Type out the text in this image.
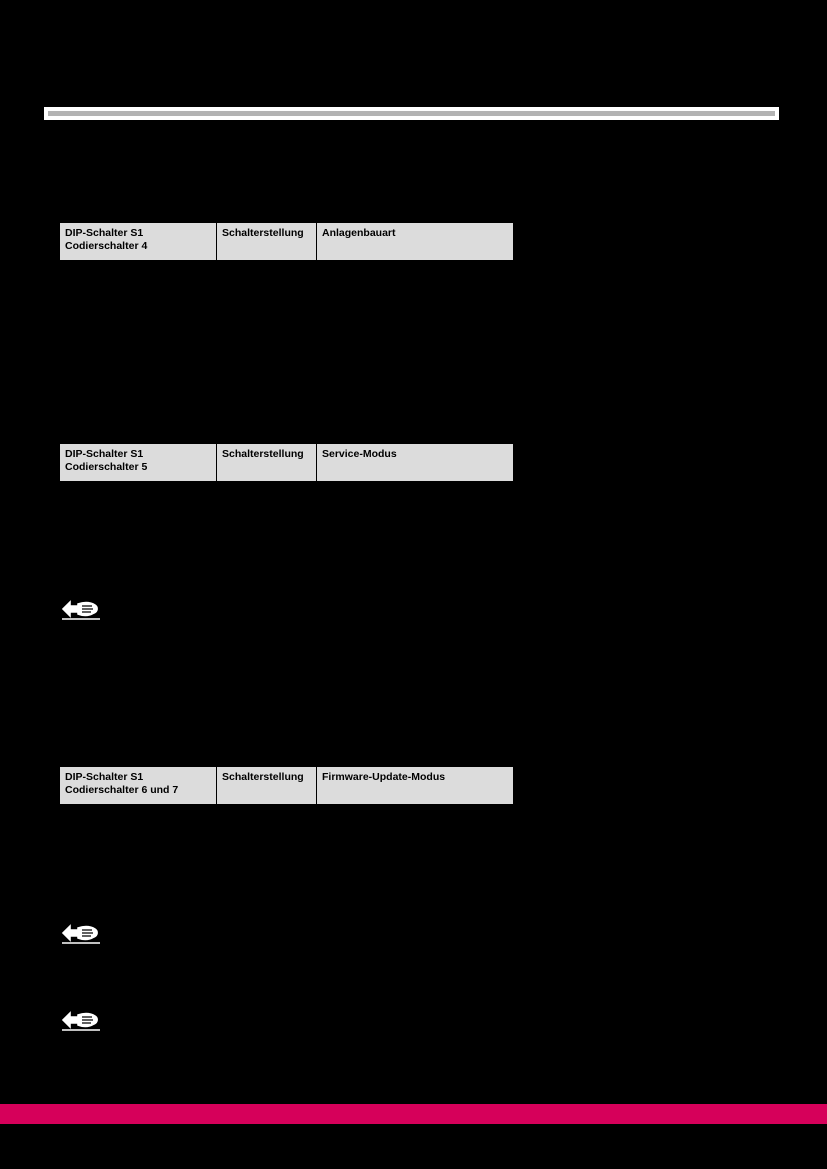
DIP-Schalter S1
Codierschalter 4	Schalterstellung	Anlagenbauart
DIP-Schalter S1
Codierschalter 5	Schalterstellung	Service-Modus
DIP-Schalter S1
Codierschalter 6 und 7	Schalterstellung	Firmware-Update-Modus
